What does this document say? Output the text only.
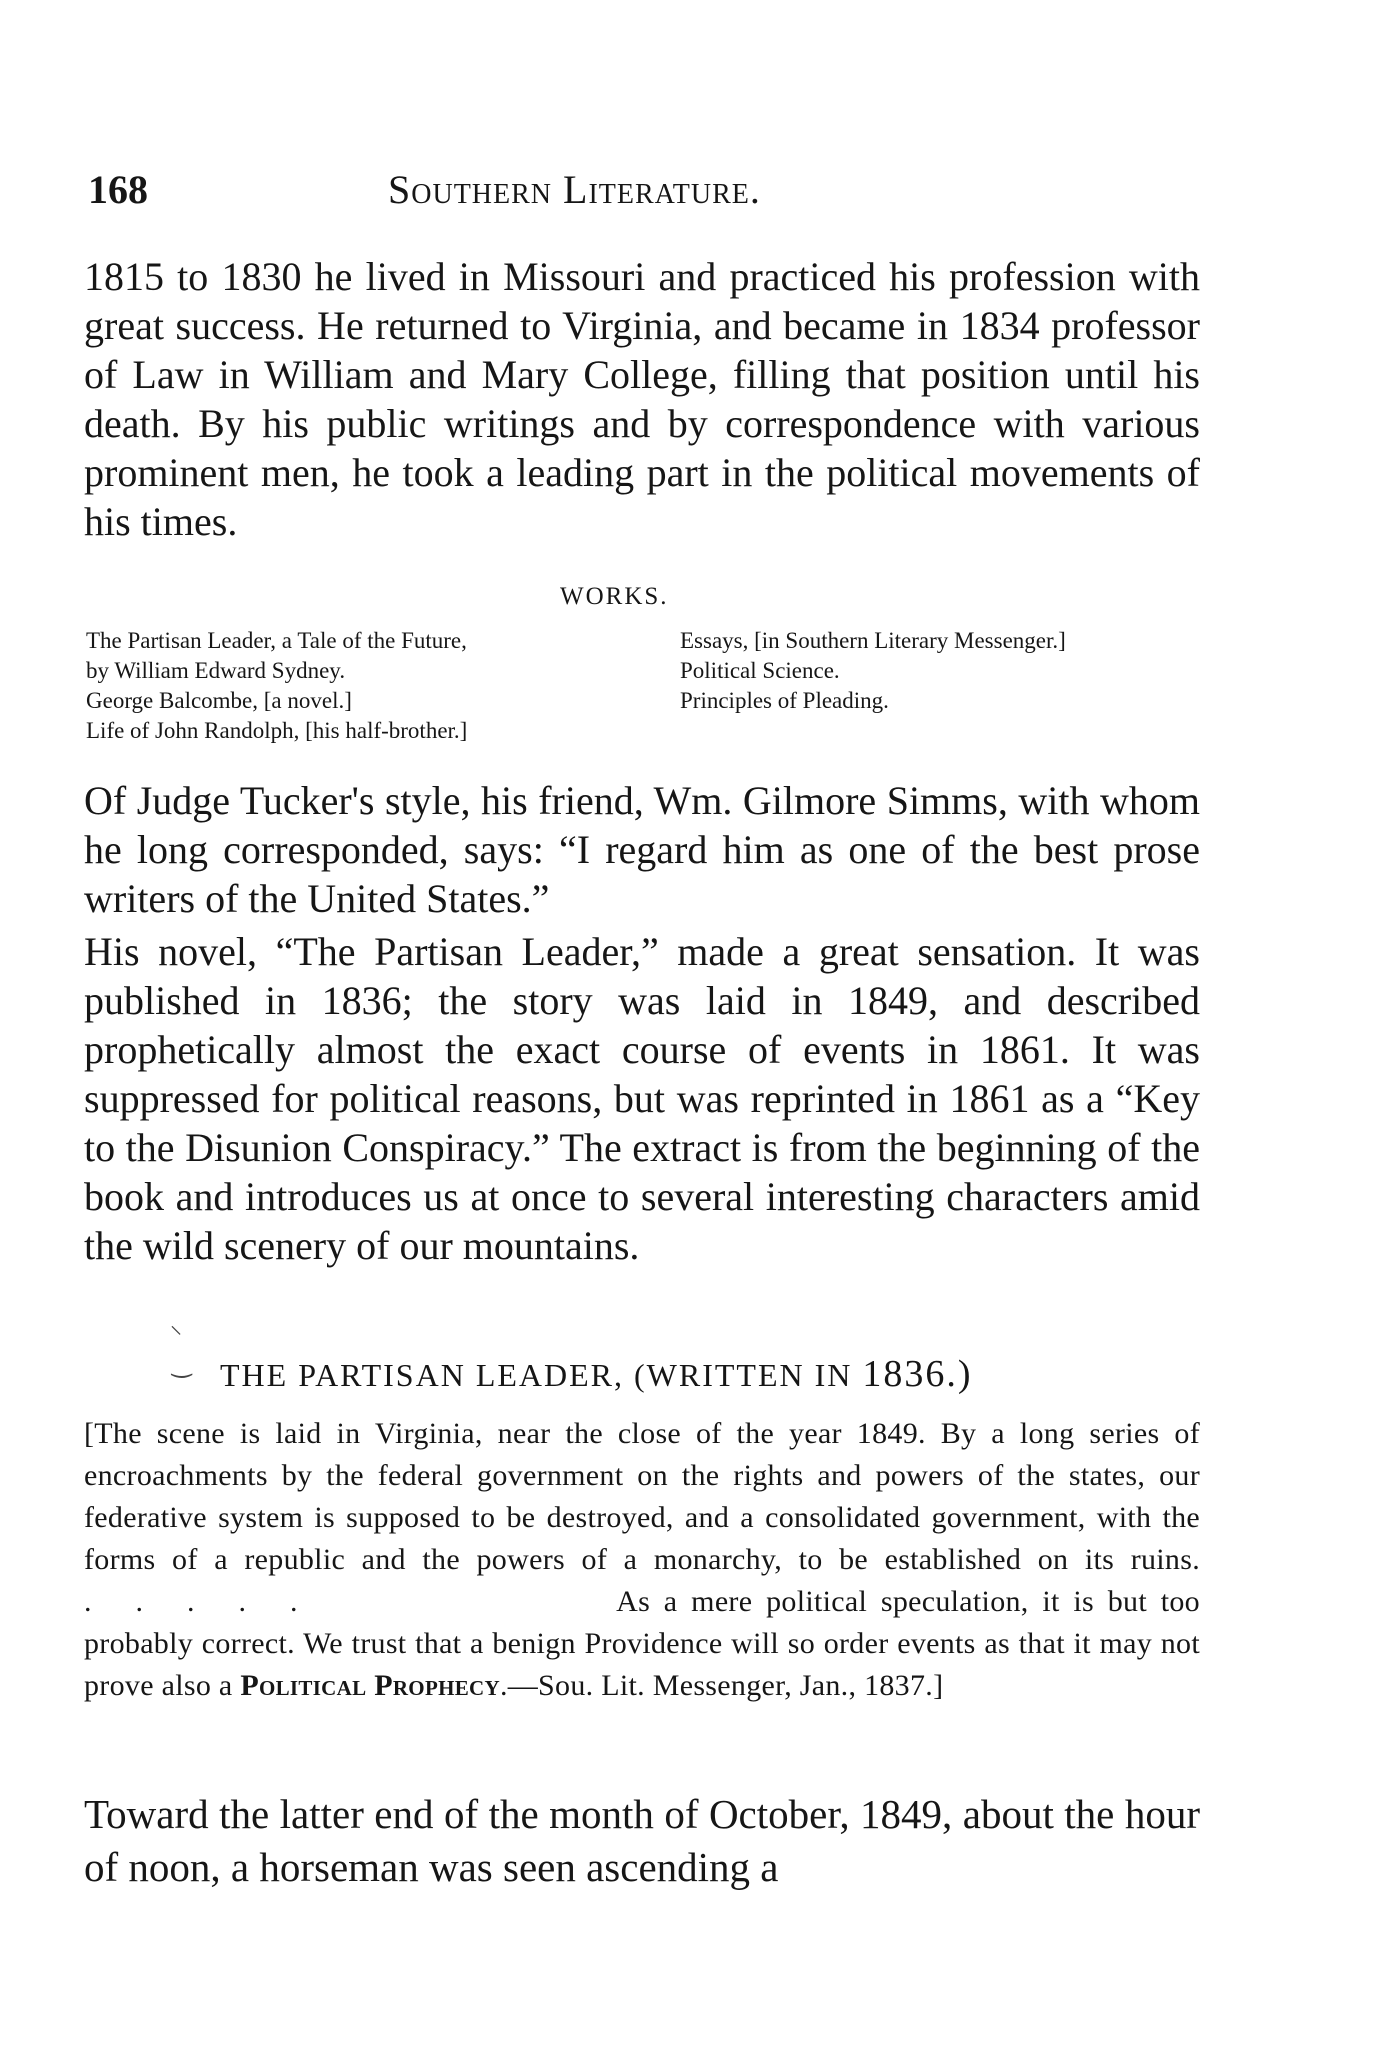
168	Southern Literature.

1815 to 1830 he lived in Missouri and practiced his profession with great success. He returned to Virginia, and became in 1834 professor of Law in William and Mary College, filling that position until his death. By his public writings and by correspondence with various prominent men, he took a leading part in the political movements of his times.

WORKS.
The Partisan Leader, a Tale of the Future,
by William Edward Sydney.
George Balcombe, [a novel.]
Life of John Randolph, [his half-brother.]
Essays, [in Southern Literary Messenger.]
Political Science.
Principles of Pleading.

Of Judge Tucker's style, his friend, Wm. Gilmore Simms, with whom he long corresponded, says: “I regard him as one of the best prose writers of the United States.”

His novel, “The Partisan Leader,” made a great sensation. It was published in 1836; the story was laid in 1849, and described prophetically almost the exact course of events in 1861. It was suppressed for political reasons, but was reprinted in 1861 as a “Key to the Disunion Conspiracy.” The extract is from the beginning of the book and introduces us at once to several interesting characters amid the wild scenery of our mountains.

⸌
‿ THE PARTISAN LEADER, (WRITTEN IN 1836.)

[The scene is laid in Virginia, near the close of the year 1849. By a long series of encroachments by the federal government on the rights and powers of the states, our federative system is supposed to be destroyed, and a consolidated government, with the forms of a republic and the powers of a monarchy, to be established on its ruins. .....	As a mere political speculation, it is but too probably correct. We trust that a benign Providence will so order events as that it may not prove also a Political Prophecy.—Sou. Lit. Messenger, Jan., 1837.]

Toward the latter end of the month of October, 1849, about the hour of noon, a horseman was seen ascending a
